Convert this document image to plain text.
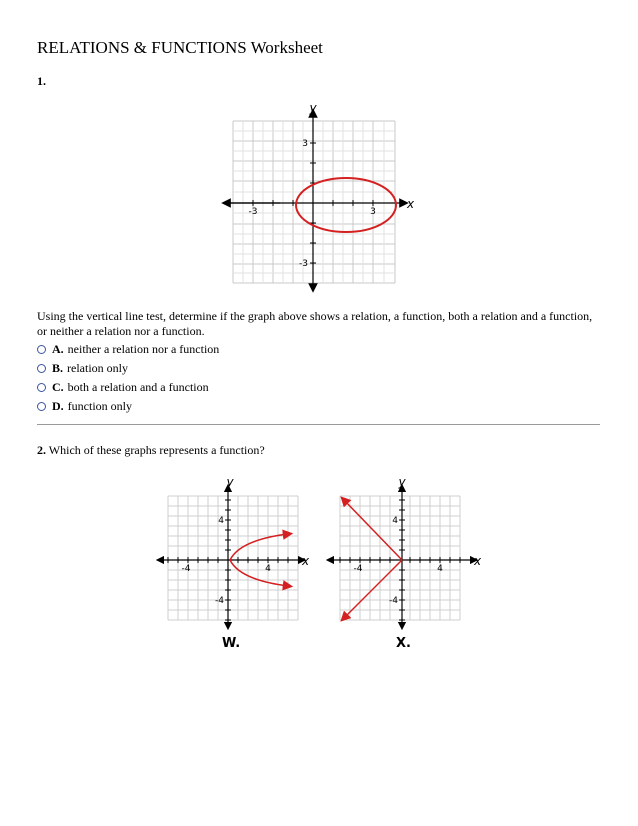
RELATIONS & FUNCTIONS Worksheet
1.
y
x
-3	3
3
-3
Using the vertical line test, determine if the graph above shows a relation, a function, both a relation and a function, or neither a relation nor a function.
A. neither a relation nor a function
B. relation only
C. both a relation and a function
D. function only
2. Which of these graphs represents a function?
y
x
-4	4
4
-4
W.
y
x
-4	4
4
-4
X.
